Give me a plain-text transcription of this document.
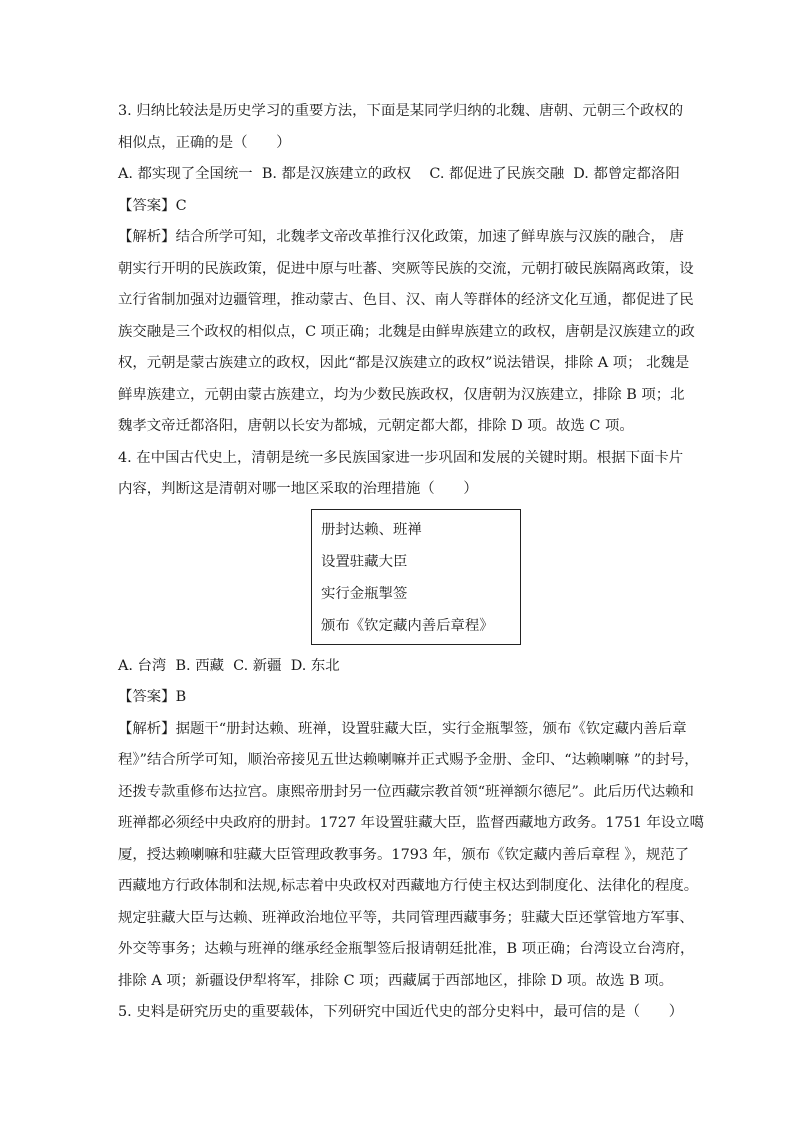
3. 归纳比较法是历史学习的重要方法，下面是某同学归纳的北魏、唐朝、元朝三个政权的
相似点，正确的是（　　）
A. 都实现了全国统一  B. 都是汉族建立的政权    C. 都促进了民族交融  D. 都曾定都洛阳
【答案】C
【解析】结合所学可知，北魏孝文帝改革推行汉化政策，加速了鲜卑族与汉族的融合， 唐
朝实行开明的民族政策，促进中原与吐蕃、突厥等民族的交流，元朝打破民族隔离政策，设
立行省制加强对边疆管理，推动蒙古、色目、汉、南人等群体的经济文化互通，都促进了民
族交融是三个政权的相似点，C 项正确；北魏是由鲜卑族建立的政权，唐朝是汉族建立的政
权，元朝是蒙古族建立的政权，因此“都是汉族建立的政权”说法错误，排除 A 项； 北魏是
鲜卑族建立，元朝由蒙古族建立，均为少数民族政权，仅唐朝为汉族建立，排除 B 项；北
魏孝文帝迁都洛阳，唐朝以长安为都城，元朝定都大都，排除 D 项。故选 C 项。
4. 在中国古代史上，清朝是统一多民族国家进一步巩固和发展的关键时期。根据下面卡片
内容，判断这是清朝对哪一地区采取的治理措施（　　）
册封达赖、班禅
设置驻藏大臣
实行金瓶掣签
颁布《钦定藏内善后章程》
A. 台湾  B. 西藏  C. 新疆  D. 东北
【答案】B
【解析】据题干“册封达赖、班禅，设置驻藏大臣，实行金瓶掣签，颁布《钦定藏内善后章
程》”结合所学可知，顺治帝接见五世达赖喇嘛并正式赐予金册、金印、“达赖喇嘛 ”的封号，
还拨专款重修布达拉宫。康熙帝册封另一位西藏宗教首领“班禅额尔德尼”。此后历代达赖和
班禅都必须经中央政府的册封。1727 年设置驻藏大臣，监督西藏地方政务。1751 年设立噶
厦，授达赖喇嘛和驻藏大臣管理政教事务。1793 年，颁布《钦定藏内善后章程 》，规范了
西藏地方行政体制和法规,标志着中央政权对西藏地方行使主权达到制度化、法律化的程度。
规定驻藏大臣与达赖、班禅政治地位平等，共同管理西藏事务；驻藏大臣还掌管地方军事、
外交等事务；达赖与班禅的继承经金瓶掣签后报请朝廷批准，B 项正确；台湾设立台湾府，
排除 A 项；新疆设伊犁将军，排除 C 项；西藏属于西部地区，排除 D 项。故选 B 项。
5. 史料是研究历史的重要载体，下列研究中国近代史的部分史料中，最可信的是（　　）
